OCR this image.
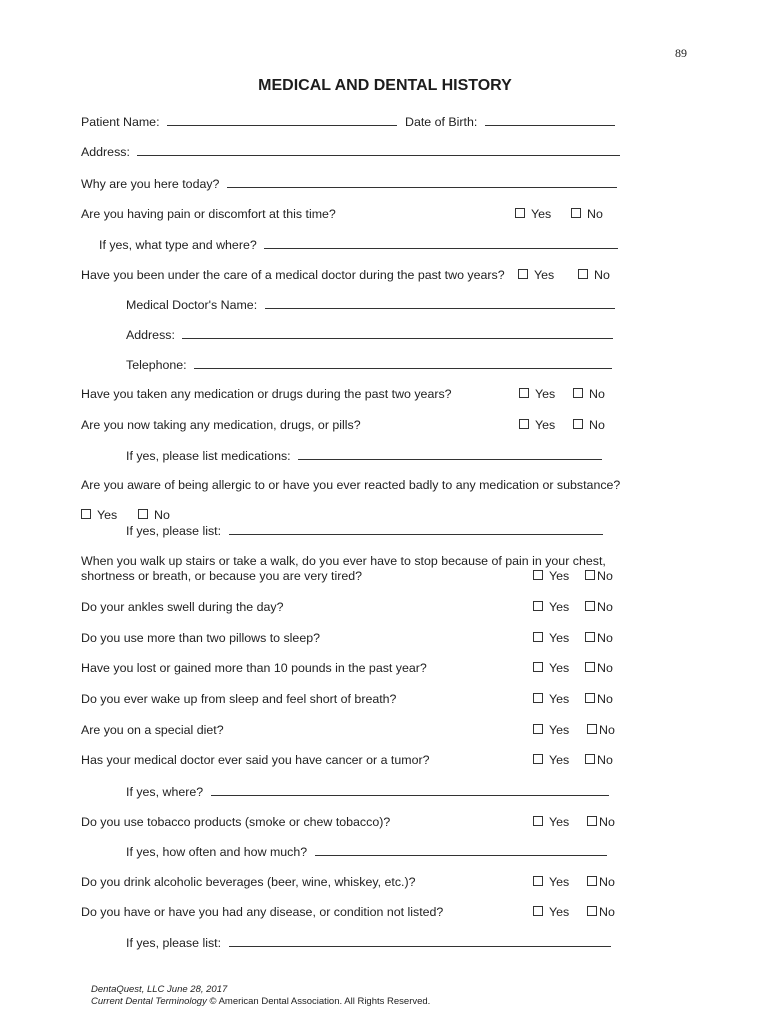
89
MEDICAL AND DENTAL HISTORY
Patient Name:	Date of Birth:
Address:
Why are you here today?
Are you having pain or discomfort at this time?	Yes	No
If yes, what type and where?
Have you been under the care of a medical doctor during the past two years?	Yes	No
Medical Doctor's Name:
Address:
Telephone:
Have you taken any medication or drugs during the past two years?	Yes	No
Are you now taking any medication, drugs, or pills?	Yes	No
If yes, please list medications:
Are you aware of being allergic to or have you ever reacted badly to any medication or substance?
Yes	No
If yes, please list:
When you walk up stairs or take a walk, do you ever have to stop because of pain in your chest,
shortness or breath, or because you are very tired?	Yes	No
Do your ankles swell during the day?	Yes	No
Do you use more than two pillows to sleep?	Yes	No
Have you lost or gained more than 10 pounds in the past year?	Yes	No
Do you ever wake up from sleep and feel short of breath?	Yes	No
Are you on a special diet?	Yes	No
Has your medical doctor ever said you have cancer or a tumor?	Yes	No
If yes, where?
Do you use tobacco products (smoke or chew tobacco)?	Yes	No
If yes, how often and how much?
Do you drink alcoholic beverages (beer, wine, whiskey, etc.)?	Yes	No
Do you have or have you had any disease, or condition not listed?	Yes	No
If yes, please list:
DentaQuest, LLC June 28, 2017
Current Dental Terminology © American Dental Association. All Rights Reserved.
